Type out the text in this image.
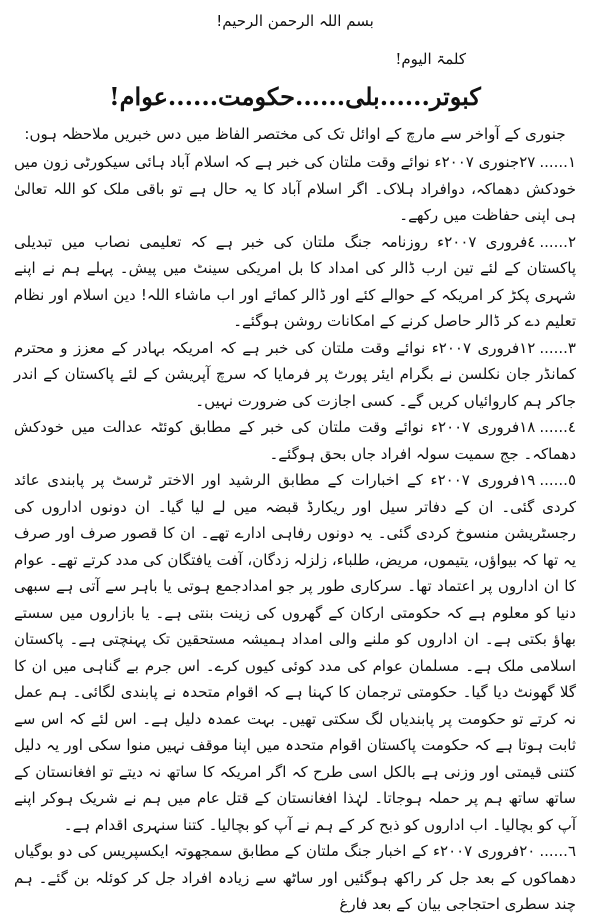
بسم اللہ الرحمن الرحیم!
کلمۃ الیوم!
کبوتر......بلی......حکومت......عوام!
جنوری کے آواخر سے مارچ کے اوائل تک کی مختصر الفاظ میں دس خبریں ملاحظہ ہوں:

١......٢٧جنوری ٢٠٠٧ء نوائے وقت ملتان کی خبر ہے کہ اسلام آباد ہائی سیکورٹی زون میں خودکش دھماکہ، دوافراد ہلاک۔ اگر اسلام آباد کا یہ حال ہے تو باقی ملک کو اللہ تعالیٰ ہی اپنی حفاظت میں رکھے۔

٢......٤فروری ٢٠٠٧ء روزنامہ جنگ ملتان کی خبر ہے کہ تعلیمی نصاب میں تبدیلی پاکستان کے لئے تین ارب ڈالر کی امداد کا بل امریکی سینٹ میں پیش۔ پہلے ہم نے اپنے شہری پکڑ کر امریکہ کے حوالے کئے اور ڈالر کمائے اور اب ماشاء اللہ! دین اسلام اور نظام تعلیم دے کر ڈالر حاصل کرنے کے امکانات روشن ہوگئے۔

٣......١٢فروری ٢٠٠٧ء نوائے وقت ملتان کی خبر ہے کہ امریکہ بہادر کے معزز و محترم کمانڈر جان نکلسن نے بگرام ایئر پورٹ پر فرمایا کہ سرچ آپریشن کے لئے پاکستان کے اندر جاکر ہم کاروائیاں کریں گے۔ کسی اجازت کی ضرورت نہیں۔

٤......١٨فروری ٢٠٠٧ء نوائے وقت ملتان کی خبر کے مطابق کوئٹہ عدالت میں خودکش دھماکہ۔ جج سمیت سولہ افراد جاں بحق ہوگئے۔

٥......١٩فروری ٢٠٠٧ء کے اخبارات کے مطابق الرشید اور الاختر ٹرسٹ پر پابندی عائد کردی گئی۔ ان کے دفاتر سیل اور ریکارڈ قبضہ میں لے لیا گیا۔ ان دونوں اداروں کی رجسٹریشن منسوخ کردی گئی۔ یہ دونوں رفاہی ادارے تھے۔ ان کا قصور صرف اور صرف یہ تھا کہ بیواؤں، یتیموں، مریض، طلباء، زلزلہ زدگان، آفت یافتگان کی مدد کرتے تھے۔ عوام کا ان اداروں پر اعتماد تھا۔ سرکاری طور پر جو امدادجمع ہوتی یا باہر سے آتی ہے سبھی دنیا کو معلوم ہے کہ حکومتی ارکان کے گھروں کی زینت بنتی ہے۔ یا بازاروں میں سستے بھاؤ بکتی ہے۔ ان اداروں کو ملنے والی امداد ہمیشہ مستحقین تک پہنچتی ہے۔ پاکستان اسلامی ملک ہے۔ مسلمان عوام کی مدد کوئی کیوں کرے۔ اس جرم بے گناہی میں ان کا گلا گھونٹ دیا گیا۔ حکومتی ترجمان کا کہنا ہے کہ اقوام متحدہ نے پابندی لگائی۔ ہم عمل نہ کرتے تو حکومت پر پابندیاں لگ سکتی تھیں۔ بہت عمدہ دلیل ہے۔ اس لئے کہ اس سے ثابت ہوتا ہے کہ حکومت پاکستان اقوام متحدہ میں اپنا موقف نہیں منوا سکی اور یہ دلیل کتنی قیمتی اور وزنی ہے بالکل اسی طرح کہ اگر امریکہ کا ساتھ نہ دیتے تو افغانستان کے ساتھ ساتھ ہم پر حملہ ہوجاتا۔ لہٰذا افغانستان کے قتل عام میں ہم نے شریک ہوکر اپنے آپ کو بچالیا۔ اب اداروں کو ذبح کر کے ہم نے آپ کو بچالیا۔ کتنا سنہری اقدام ہے۔

٦......٢٠فروری ٢٠٠٧ء کے اخبار جنگ ملتان کے مطابق سمجھوتہ ایکسپریس کی دو بوگیاں دھماکوں کے بعد جل کر راکھ ہوگئیں اور ساٹھ سے زیادہ افراد جل کر کوئلہ بن گئے۔ ہم چند سطری احتجاجی بیان کے بعد فارغ
